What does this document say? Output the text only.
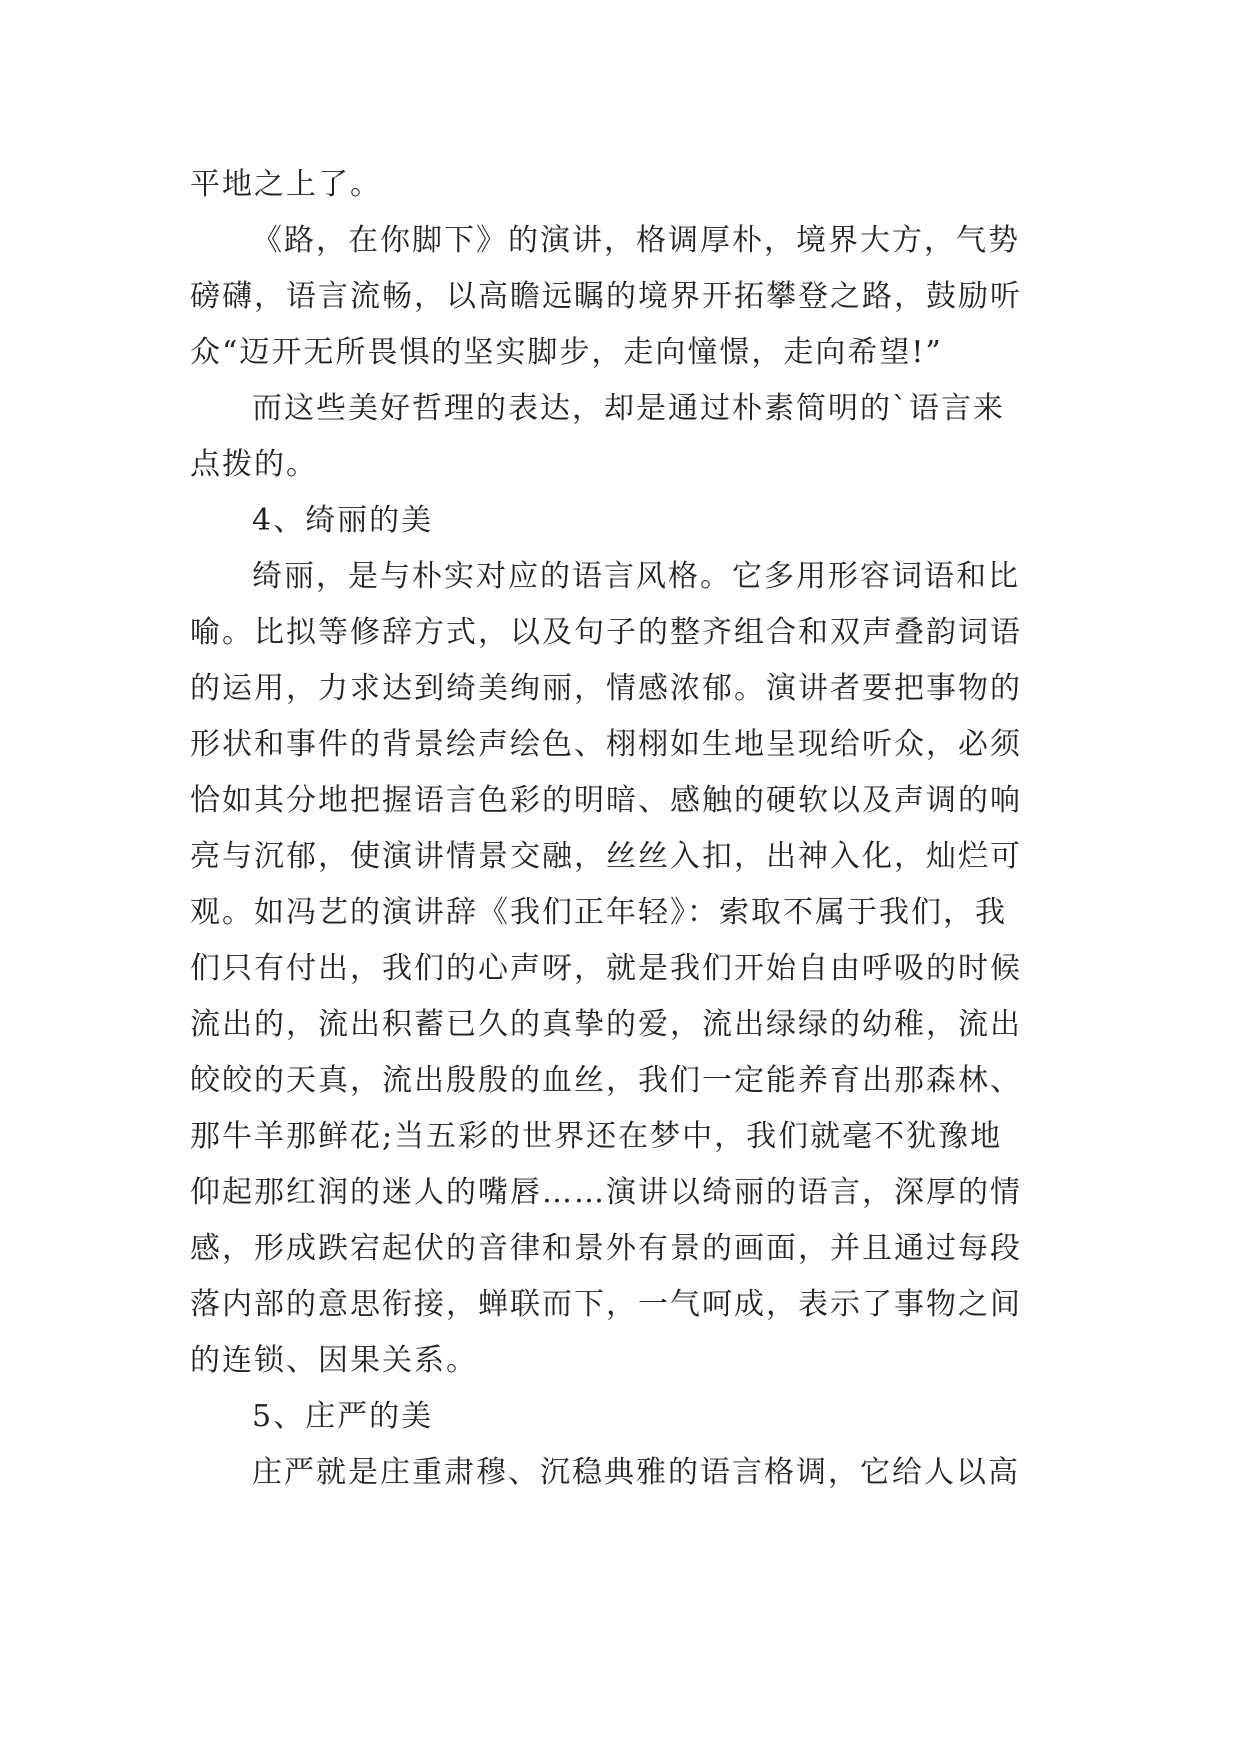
平地之上了。
《路，在你脚下》的演讲，格调厚朴，境界大方，气势
磅礴，语言流畅，以高瞻远瞩的境界开拓攀登之路，鼓励听
众“迈开无所畏惧的坚实脚步，走向憧憬，走向希望!”
而这些美好哲理的表达，却是通过朴素简明的`语言来
点拨的。
4、绮丽的美
绮丽，是与朴实对应的语言风格。它多用形容词语和比
喻。比拟等修辞方式，以及句子的整齐组合和双声叠韵词语
的运用，力求达到绮美绚丽，情感浓郁。演讲者要把事物的
形状和事件的背景绘声绘色、栩栩如生地呈现给听众，必须
恰如其分地把握语言色彩的明暗、感触的硬软以及声调的响
亮与沉郁，使演讲情景交融，丝丝入扣，出神入化，灿烂可
观。如冯艺的演讲辞《我们正年轻》：索取不属于我们，我
们只有付出，我们的心声呀，就是我们开始自由呼吸的时候
流出的，流出积蓄已久的真挚的爱，流出绿绿的幼稚，流出
皎皎的天真，流出殷殷的血丝，我们一定能养育出那森林、
那牛羊那鲜花;当五彩的世界还在梦中，我们就毫不犹豫地
仰起那红润的迷人的嘴唇……演讲以绮丽的语言，深厚的情
感，形成跌宕起伏的音律和景外有景的画面，并且通过每段
落内部的意思衔接，蝉联而下，一气呵成，表示了事物之间
的连锁、因果关系。
5、庄严的美
庄严就是庄重肃穆、沉稳典雅的语言格调，它给人以高
